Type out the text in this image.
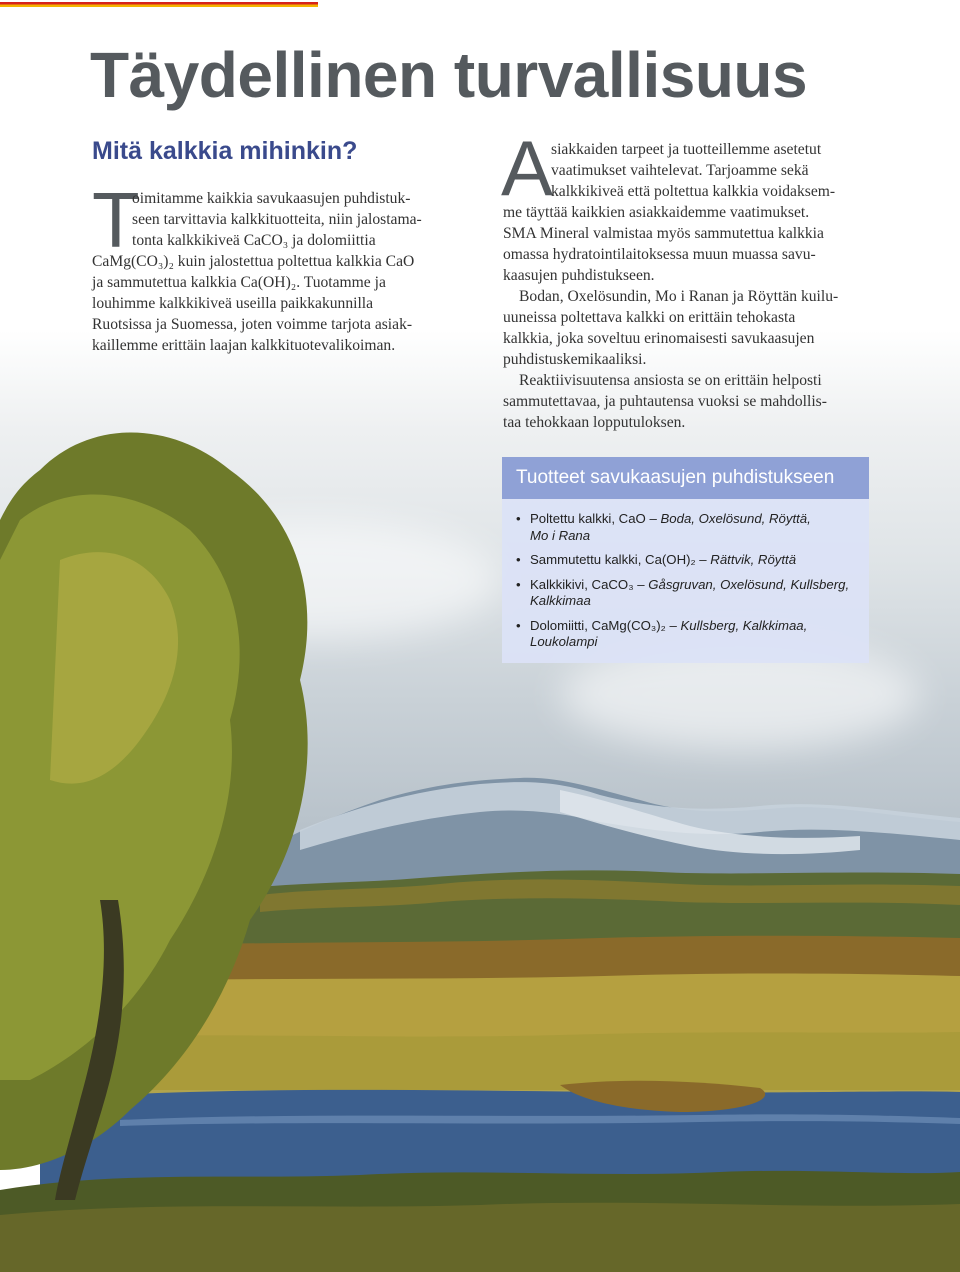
Täydellinen turvallisuus
Mitä kalkkia mihinkin?
T
oimitamme kaikkia savukaasujen puhdistuk-
seen tarvittavia kalkkituotteita, niin jalostama-
tonta kalkkikiveä CaCO₃ ja dolomiittia
CaMg(CO₃)₂ kuin jalostettua poltettua kalkkia CaO
ja sammutettua kalkkia Ca(OH)₂. Tuotamme ja
louhimme kalkkikiveä useilla paikkakunnilla
Ruotsissa ja Suomessa, joten voimme tarjota asiak-
kaillemme erittäin laajan kalkkituotevalikoiman.
A
siakkaiden tarpeet ja tuotteillemme asetetut
vaatimukset vaihtelevat. Tarjoamme sekä
kalkkikiveä että poltettua kalkkia voidaksem-
me täyttää kaikkien asiakkaidemme vaatimukset.
SMA Mineral valmistaa myös sammutettua kalkkia
omassa hydratointilaitoksessa muun muassa savu-
kaasujen puhdistukseen.
Bodan, Oxelösundin, Mo i Ranan ja Röyttän kuilu-
uuneissa poltettava kalkki on erittäin tehokasta
kalkkia, joka soveltuu erinomaisesti savukaasujen
puhdistuskemikaaliksi.
Reaktiivisuutensa ansiosta se on erittäin helposti
sammutettavaa, ja puhtautensa vuoksi se mahdollis-
taa tehokkaan lopputuloksen.
Tuotteet savukaasujen puhdistukseen
• Poltettu kalkki, CaO – Boda, Oxelösund, Röyttä,
Mo i Rana
• Sammutettu kalkki, Ca(OH)₂ – Rättvik, Röyttä
• Kalkkikivi, CaCO₃ – Gåsgruvan, Oxelösund, Kullsberg,
Kalkkimaa
• Dolomiitti, CaMg(CO₃)₂ – Kullsberg, Kalkkimaa,
Loukolampi
